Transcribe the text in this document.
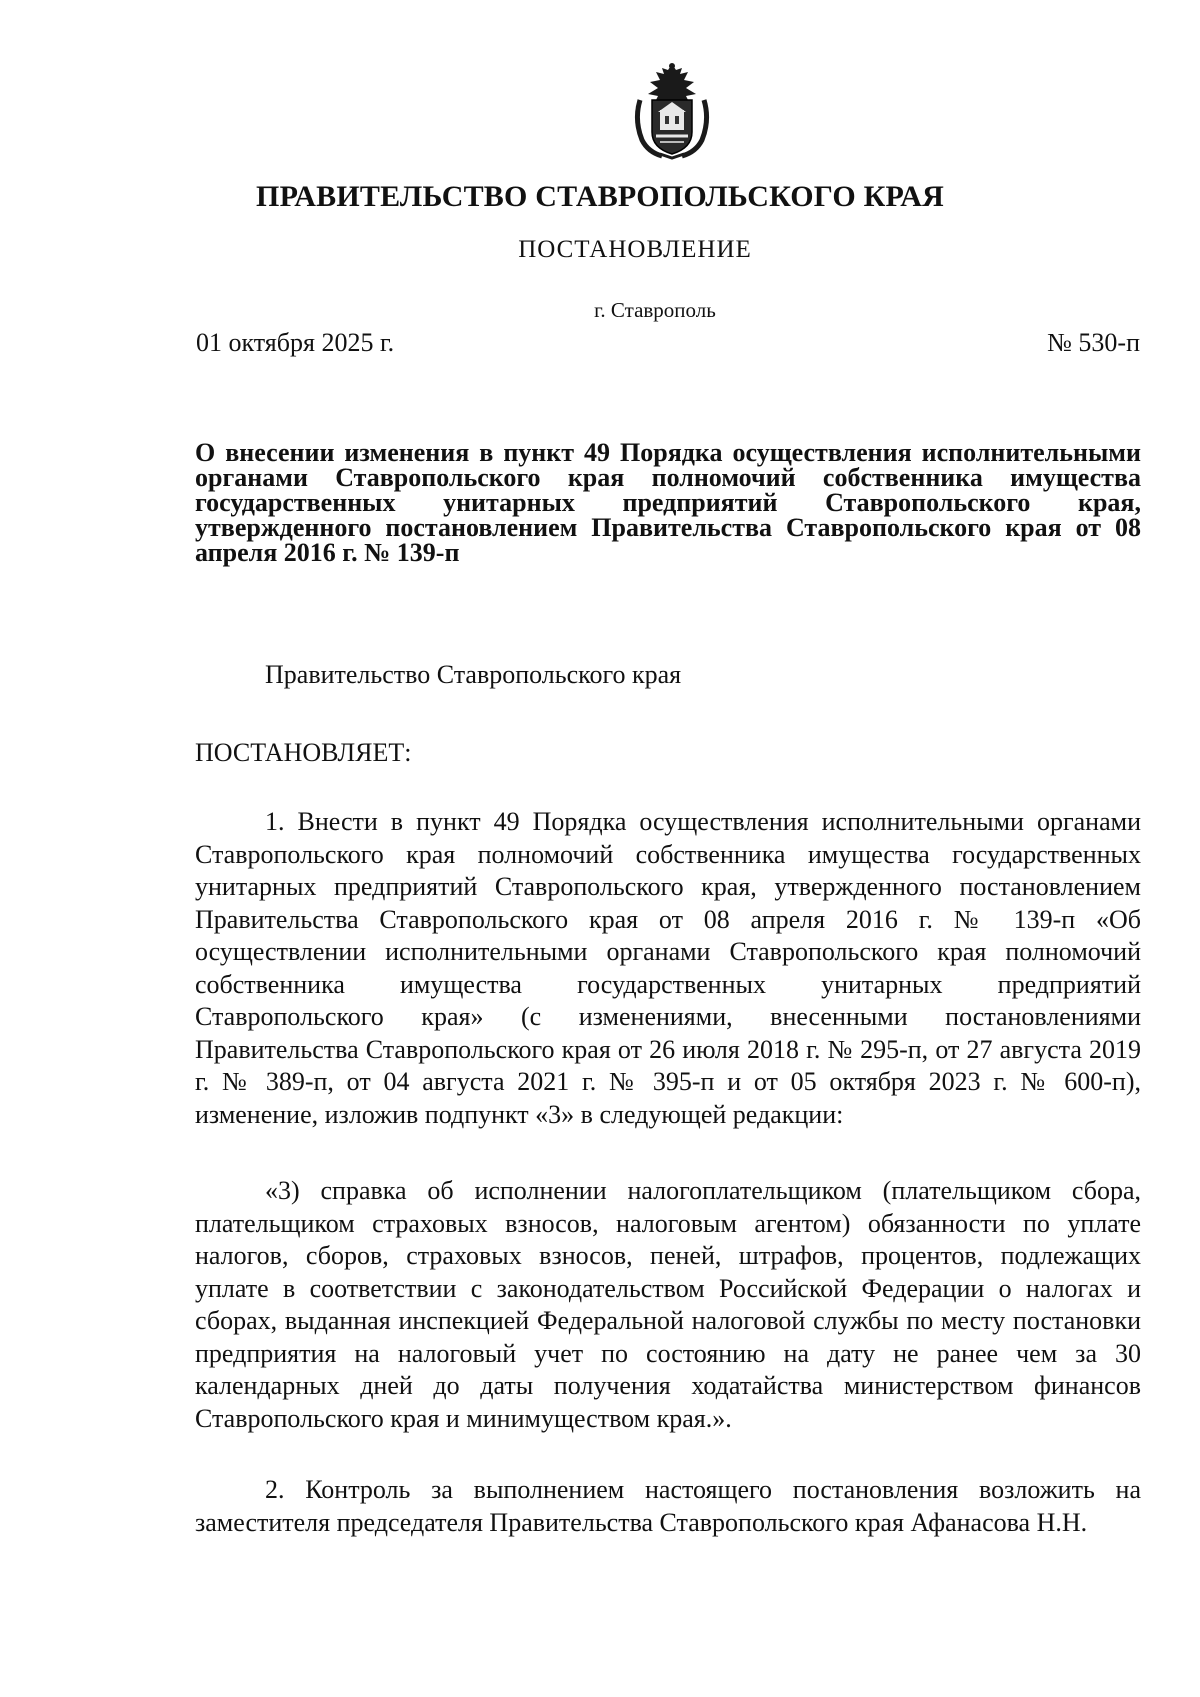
ПРАВИТЕЛЬСТВО СТАВРОПОЛЬСКОГО КРАЯ
ПОСТАНОВЛЕНИЕ
г. Ставрополь
01 октября 2025 г.	№ 530-п
О внесении изменения в пункт 49 Порядка осуществления исполнительными органами Ставропольского края полномочий собственника имущества государственных унитарных предприятий Ставропольского края, утвержденного постановлением Правительства Ставропольского края от 08 апреля 2016 г. № 139-п
Правительство Ставропольского края
ПОСТАНОВЛЯЕТ:

1. Внести в пункт 49 Порядка осуществления исполнительными органами Ставропольского края полномочий собственника имущества государственных унитарных предприятий Ставропольского края, утвержденного постановлением Правительства Ставропольского края от 08 апреля 2016 г. № 139-п «Об осуществлении исполнительными органами Ставропольского края полномочий собственника имущества государственных унитарных предприятий Ставропольского края» (с изменениями, внесенными постановлениями Правительства Ставропольского края от 26 июля 2018 г. № 295-п, от 27 августа 2019 г. № 389-п, от 04 августа 2021 г. № 395-п и от 05 октября 2023 г. № 600-п), изменение, изложив подпункт «3» в следующей редакции:

«3) справка об исполнении налогоплательщиком (плательщиком сбора, плательщиком страховых взносов, налоговым агентом) обязанности по уплате налогов, сборов, страховых взносов, пеней, штрафов, процентов, подлежащих уплате в соответствии с законодательством Российской Федерации о налогах и сборах, выданная инспекцией Федеральной налоговой службы по месту постановки предприятия на налоговый учет по состоянию на дату не ранее чем за 30 календарных дней до даты получения ходатайства министерством финансов Ставропольского края и минимуществом края.».

2. Контроль за выполнением настоящего постановления возложить на заместителя председателя Правительства Ставропольского края Афанасова Н.Н.
